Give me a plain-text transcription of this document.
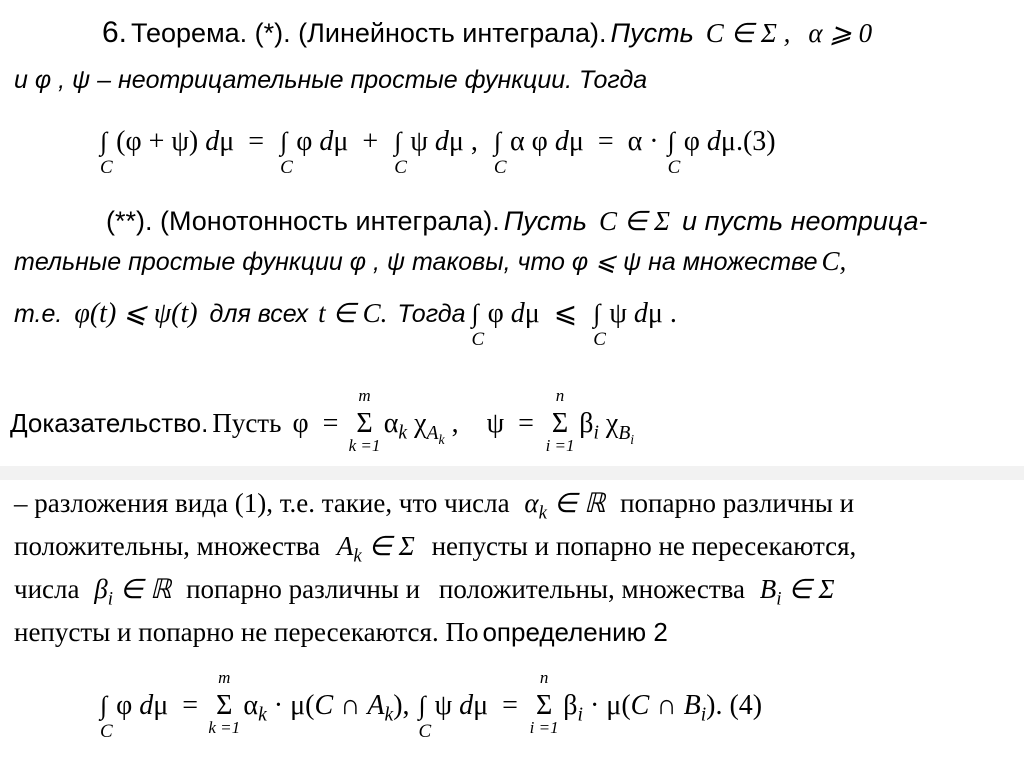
6. Теорема. (*). (Линейность интеграла). Пусть C ∈ Σ , α ⩾ 0
и φ , ψ – неотрицательные простые функции. Тогда
∫
C
(φ + ψ) dμ  =  ∫
C
φ dμ  +  ∫
C
ψ dμ ,  ∫
C
α φ dμ  =  α · ∫
C
φ dμ.(3)
(**). (Монотонность интеграла). Пусть C ∈ Σ и пусть неотрица-
тельные простые функции φ , ψ таковы, что φ ⩽ ψ на множестве C,
т.е. φ(t) ⩽ ψ(t) для всех t ∈ C. Тогда ∫
C
φ dμ  ⩽  ∫
C
ψ dμ .
Доказательство. Пусть  φ  =
m
Σ
k =1
$\alpha_k$ $\chi_{A_k}$ ,    ψ  =
n
Σ
i =1
$\beta_i$ $\chi_{B_i}$
– разложения вида (1), т.е. такие, что числа $\alpha_k$ ∈ ℝ попарно различны и
положительны, множества $A_k$ ∈ Σ непусты и попарно не пересекаются,
числа $\beta_i$ ∈ ℝ попарно различны и положительны, множества $B_i$ ∈ Σ
непусты и попарно не пересекаются. По определению 2
∫
C
φ dμ  =
m
Σ
k =1
$\alpha_k \cdot \mu(C$ ∩ $A_k$), ∫
C
ψ dμ  =
n
Σ
i =1
$\beta_i \cdot \mu(C$ ∩ $B_i$). (4)
